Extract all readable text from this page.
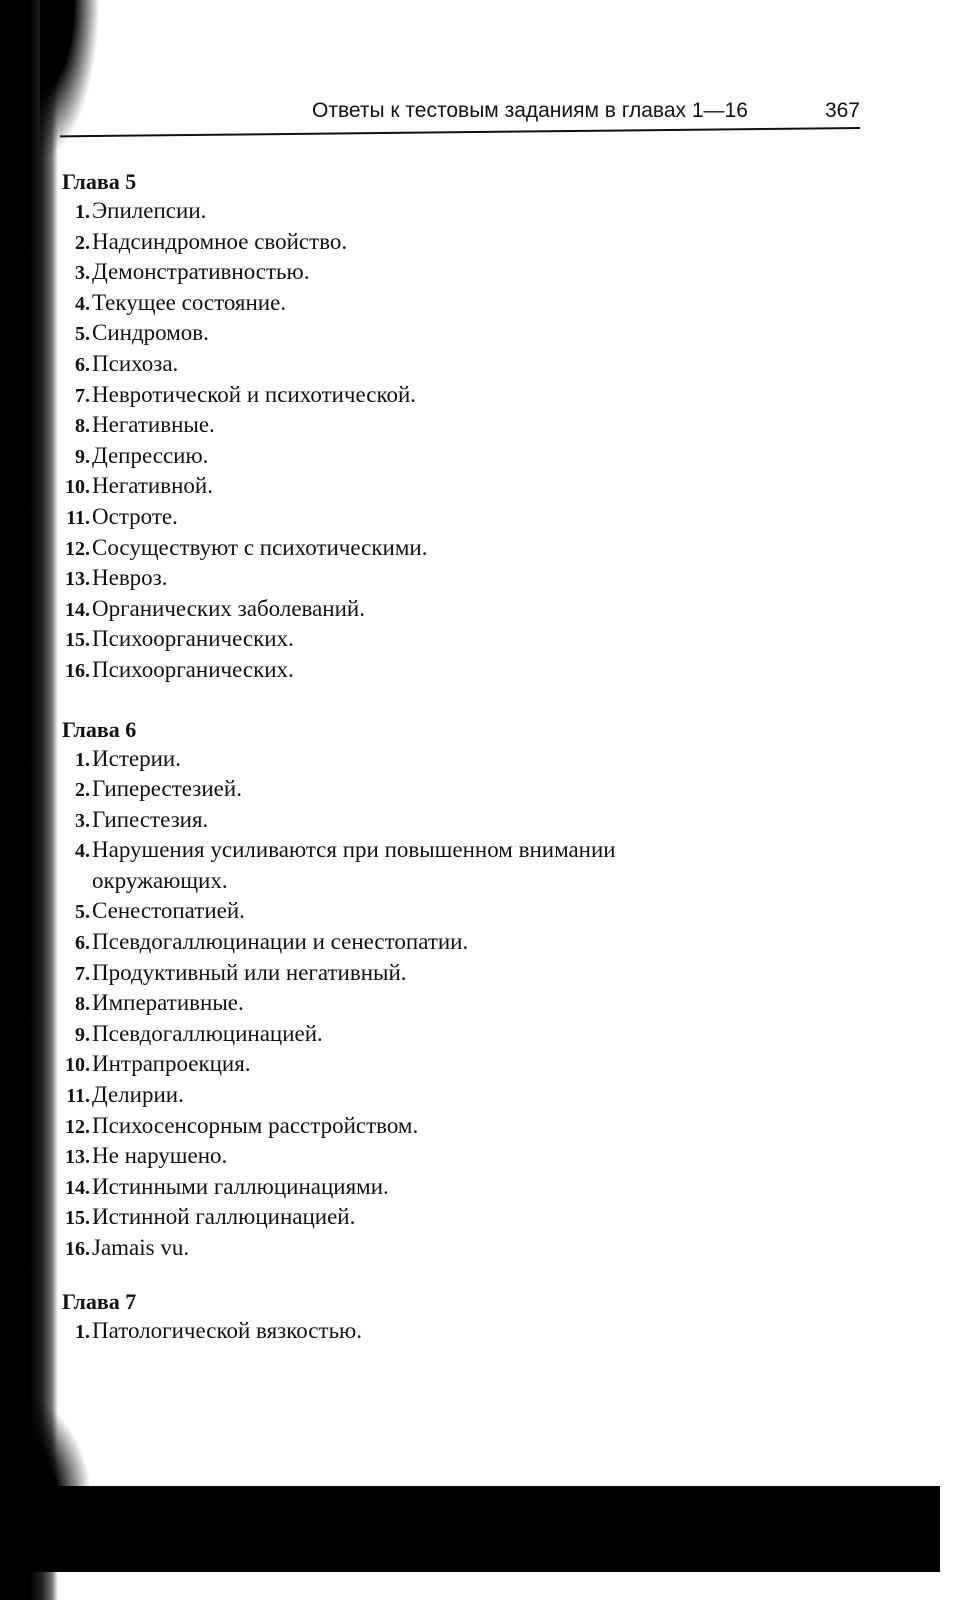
Ответы к тестовым заданиям в главах 1—16	367
Глава 5
1. Эпилепсии.
2. Надсиндромное свойство.
3. Демонстративностью.
4. Текущее состояние.
5. Синдромов.
6. Психоза.
7. Невротической и психотической.
8. Негативные.
9. Депрессию.
10. Негативной.
11. Остроте.
12. Сосуществуют с психотическими.
13. Невроз.
14. Органических заболеваний.
15. Психоорганических.
16. Психоорганических.
Глава 6
1. Истерии.
2. Гиперестезией.
3. Гипестезия.
4. Нарушения усиливаются при повышенном внимании
окружающих.
5. Сенестопатией.
6. Псевдогаллюцинации и сенестопатии.
7. Продуктивный или негативный.
8. Императивные.
9. Псевдогаллюцинацией.
10. Интрапроекция.
11. Делирии.
12. Психосенсорным расстройством.
13. Не нарушено.
14. Истинными галлюцинациями.
15. Истинной галлюцинацией.
16. Jamais vu.
Глава 7
1. Патологической вязкостью.
